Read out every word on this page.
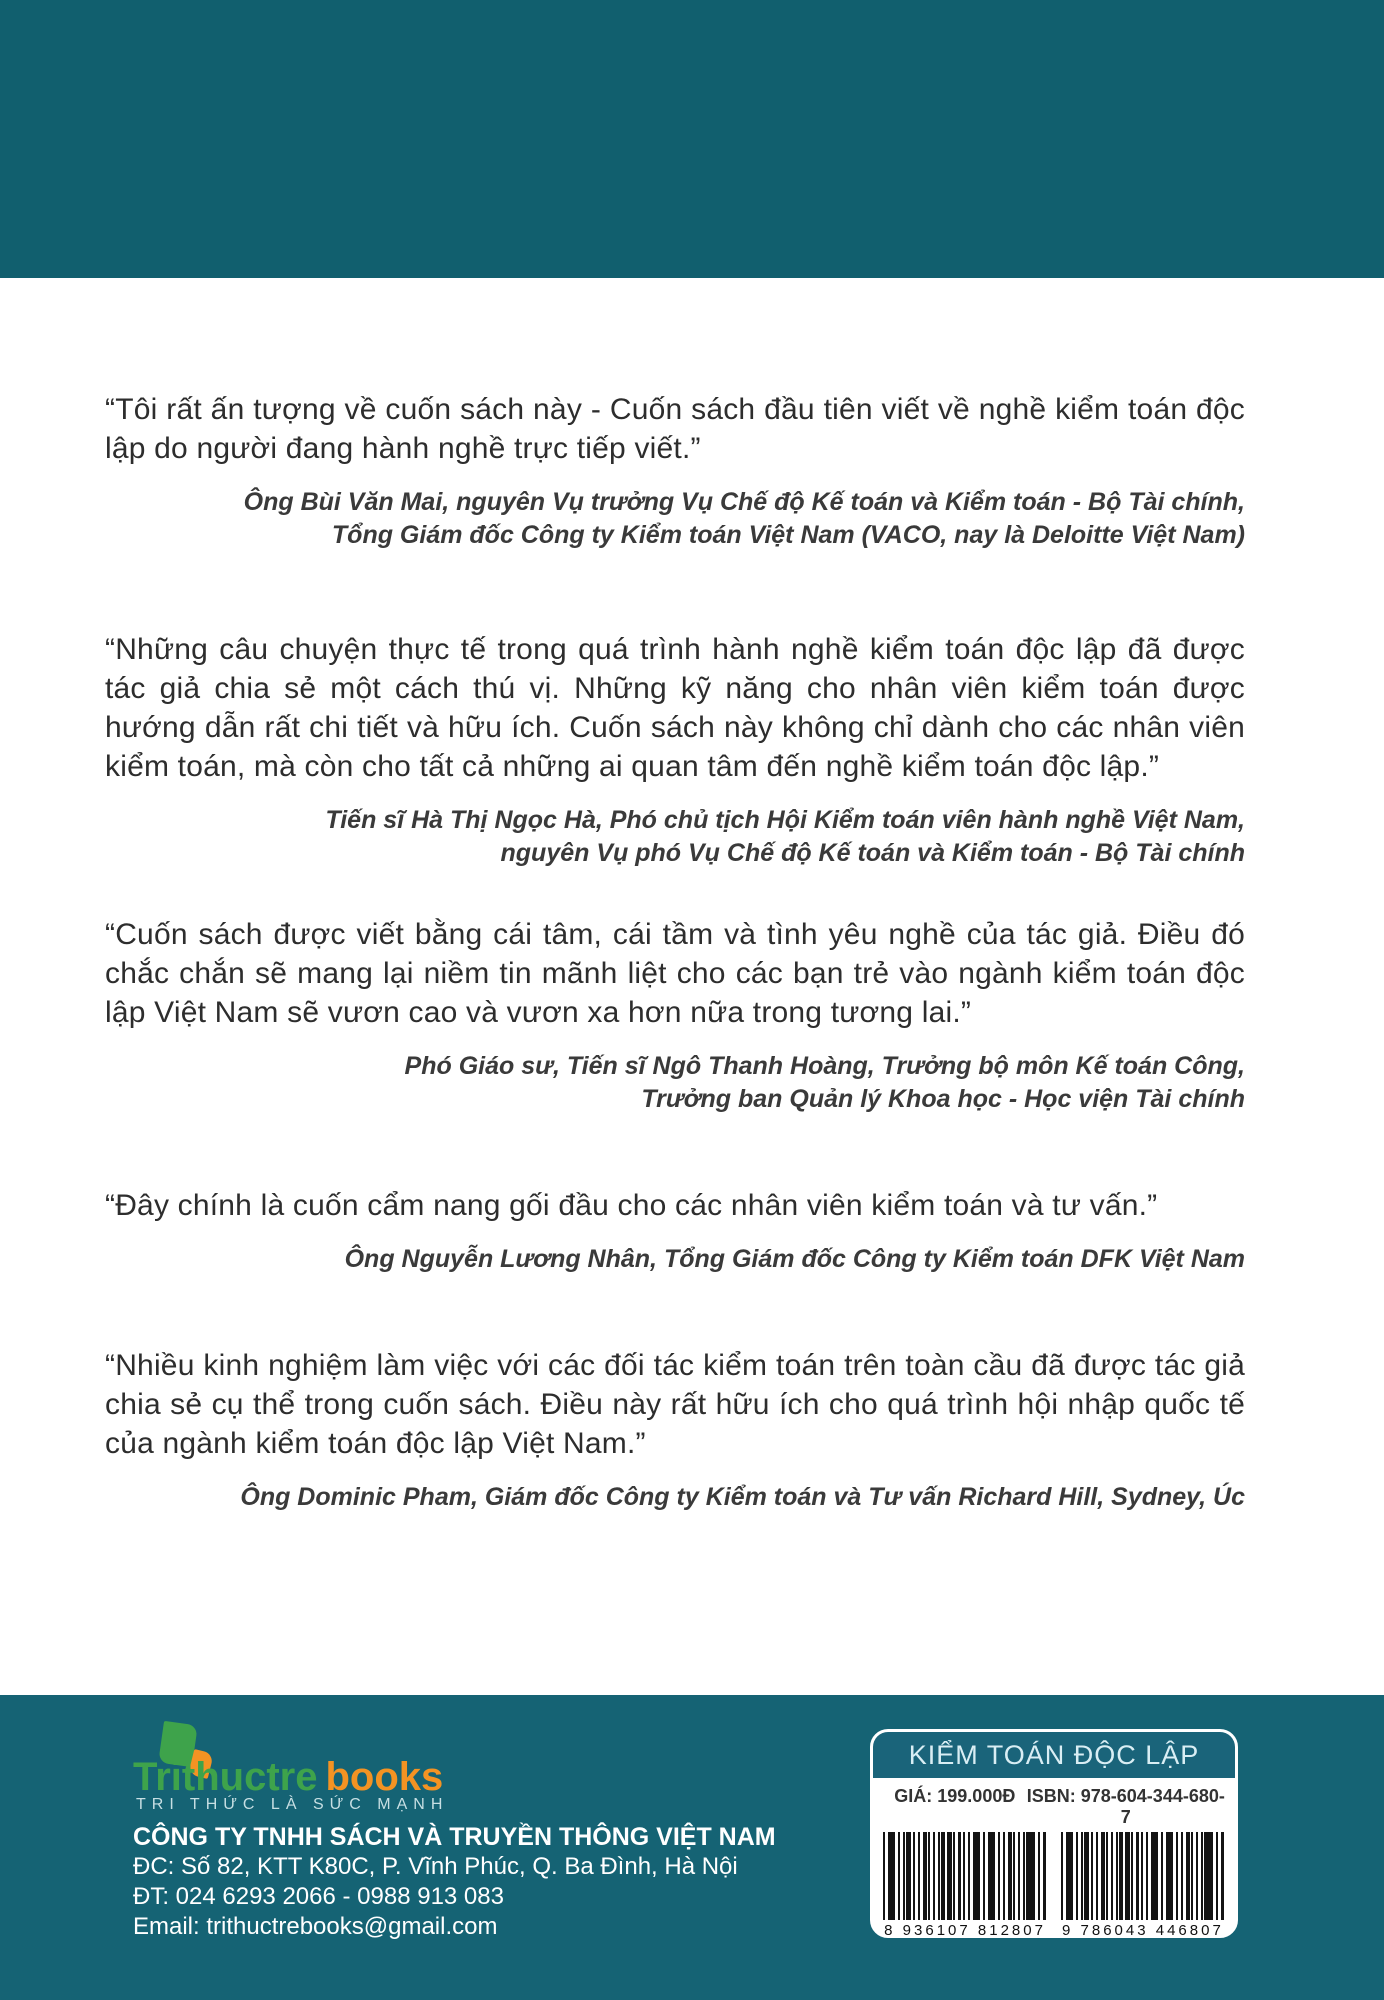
“Tôi rất ấn tượng về cuốn sách này - Cuốn sách đầu tiên viết về nghề kiểm toán độc lập do người đang hành nghề trực tiếp viết.”

Ông Bùi Văn Mai, nguyên Vụ trưởng Vụ Chế độ Kế toán và Kiểm toán - Bộ Tài chính,
Tổng Giám đốc Công ty Kiểm toán Việt Nam (VACO, nay là Deloitte Việt Nam)

“Những câu chuyện thực tế trong quá trình hành nghề kiểm toán độc lập đã được tác giả chia sẻ một cách thú vị. Những kỹ năng cho nhân viên kiểm toán được hướng dẫn rất chi tiết và hữu ích. Cuốn sách này không chỉ dành cho các nhân viên kiểm toán, mà còn cho tất cả những ai quan tâm đến nghề kiểm toán độc lập.”

Tiến sĩ Hà Thị Ngọc Hà, Phó chủ tịch Hội Kiểm toán viên hành nghề Việt Nam,
nguyên Vụ phó Vụ Chế độ Kế toán và Kiểm toán - Bộ Tài chính

“Cuốn sách được viết bằng cái tâm, cái tầm và tình yêu nghề của tác giả. Điều đó chắc chắn sẽ mang lại niềm tin mãnh liệt cho các bạn trẻ vào ngành kiểm toán độc lập Việt Nam sẽ vươn cao và vươn xa hơn nữa trong tương lai.”

Phó Giáo sư, Tiến sĩ Ngô Thanh Hoàng, Trưởng bộ môn Kế toán Công,
Trưởng ban Quản lý Khoa học - Học viện Tài chính

“Đây chính là cuốn cẩm nang gối đầu cho các nhân viên kiểm toán và tư vấn.”

Ông Nguyễn Lương Nhân, Tổng Giám đốc Công ty Kiểm toán DFK Việt Nam

“Nhiều kinh nghiệm làm việc với các đối tác kiểm toán trên toàn cầu đã được tác giả chia sẻ cụ thể trong cuốn sách. Điều này rất hữu ích cho quá trình hội nhập quốc tế của ngành kiểm toán độc lập Việt Nam.”

Ông Dominic Pham, Giám đốc Công ty Kiểm toán và Tư vấn Richard Hill, Sydney, Úc
Trithuctre books
TRI THỨC LÀ SỨC MẠNH
CÔNG TY TNHH SÁCH VÀ TRUYỀN THÔNG VIỆT NAM
ĐC: Số 82, KTT K80C, P. Vĩnh Phúc, Q. Ba Đình, Hà Nội
ĐT: 024 6293 2066 - 0988 913 083
Email: trithuctrebooks@gmail.com
KIỂM TOÁN ĐỘC LẬP
GIÁ: 199.000Đ ISBN: 978-604-344-680-7
8 936107 812807 9 786043 446807
